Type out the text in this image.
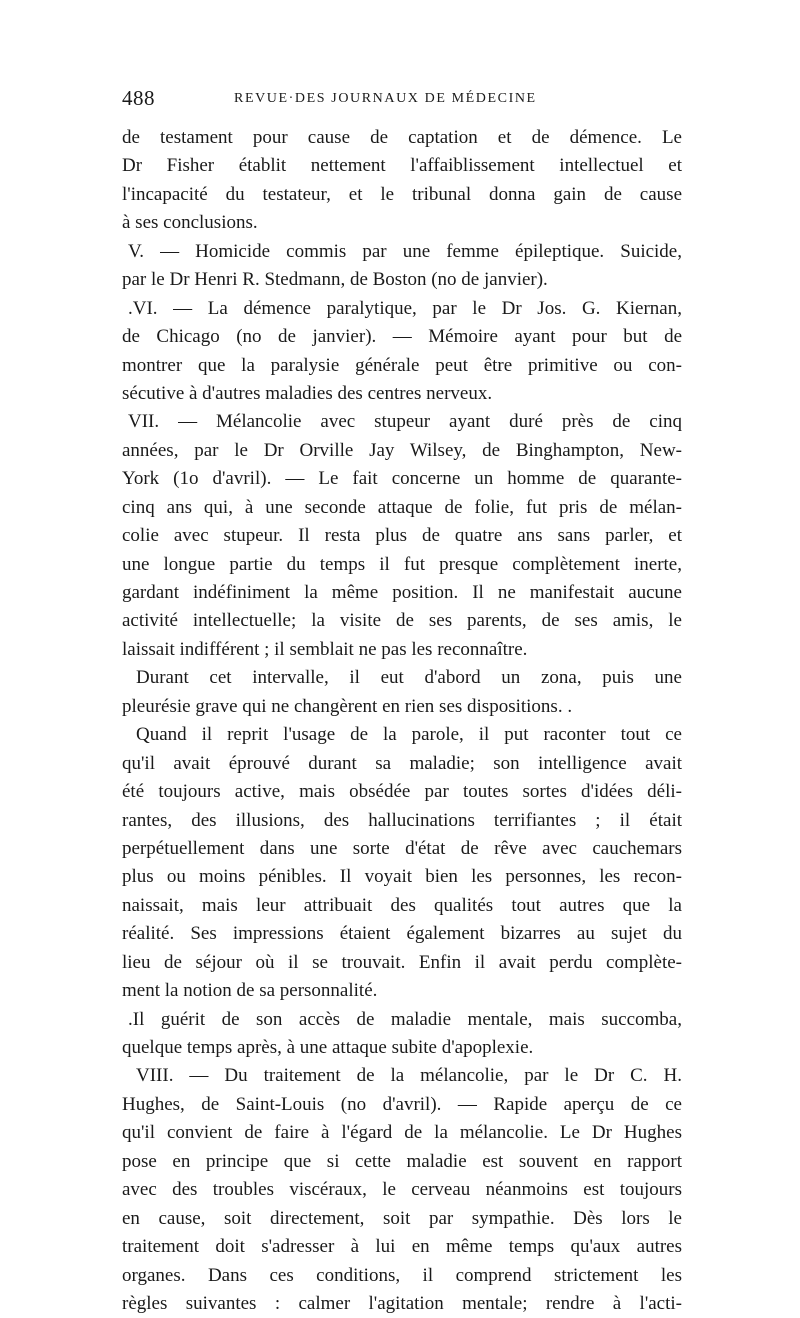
488	REVUE·DES JOURNAUX DE MÉDECINE
de testament pour cause de captation et de démence. Le
Dr Fisher établit nettement l'affaiblissement intellectuel et
l'incapacité du testateur, et le tribunal donna gain de cause
à ses conclusions.
V. — Homicide commis par une femme épileptique. Suicide,
par le Dr Henri R. Stedmann, de Boston (no de janvier).
.VI. — La démence paralytique, par le Dr Jos. G. Kiernan,
de Chicago (no de janvier). — Mémoire ayant pour but de
montrer que la paralysie générale peut être primitive ou con-
sécutive à d'autres maladies des centres nerveux.
VII. — Mélancolie avec stupeur ayant duré près de cinq
années, par le Dr Orville Jay Wilsey, de Binghampton, New-
York (1o d'avril). — Le fait concerne un homme de quarante-
cinq ans qui, à une seconde attaque de folie, fut pris de mélan-
colie avec stupeur. Il resta plus de quatre ans sans parler, et
une longue partie du temps il fut presque complètement inerte,
gardant indéfiniment la même position. Il ne manifestait aucune
activité intellectuelle; la visite de ses parents, de ses amis, le
laissait indifférent ; il semblait ne pas les reconnaître.
Durant cet intervalle, il eut d'abord un zona, puis une
pleurésie grave qui ne changèrent en rien ses dispositions. .
Quand il reprit l'usage de la parole, il put raconter tout ce
qu'il avait éprouvé durant sa maladie; son intelligence avait
été toujours active, mais obsédée par toutes sortes d'idées déli-
rantes, des illusions, des hallucinations terrifiantes ; il était
perpétuellement dans une sorte d'état de rêve avec cauchemars
plus ou moins pénibles. Il voyait bien les personnes, les recon-
naissait, mais leur attribuait des qualités tout autres que la
réalité. Ses impressions étaient également bizarres au sujet du
lieu de séjour où il se trouvait. Enfin il avait perdu complète-
ment la notion de sa personnalité.
.Il guérit de son accès de maladie mentale, mais succomba,
quelque temps après, à une attaque subite d'apoplexie.
VIII. — Du traitement de la mélancolie, par le Dr C. H.
Hughes, de Saint-Louis (no d'avril). — Rapide aperçu de ce
qu'il convient de faire à l'égard de la mélancolie. Le Dr Hughes
pose en principe que si cette maladie est souvent en rapport
avec des troubles viscéraux, le cerveau néanmoins est toujours
en cause, soit directement, soit par sympathie. Dès lors le
traitement doit s'adresser à lui en même temps qu'aux autres
organes. Dans ces conditions, il comprend strictement les
règles suivantes : calmer l'agitation mentale; rendre à l'acti-
